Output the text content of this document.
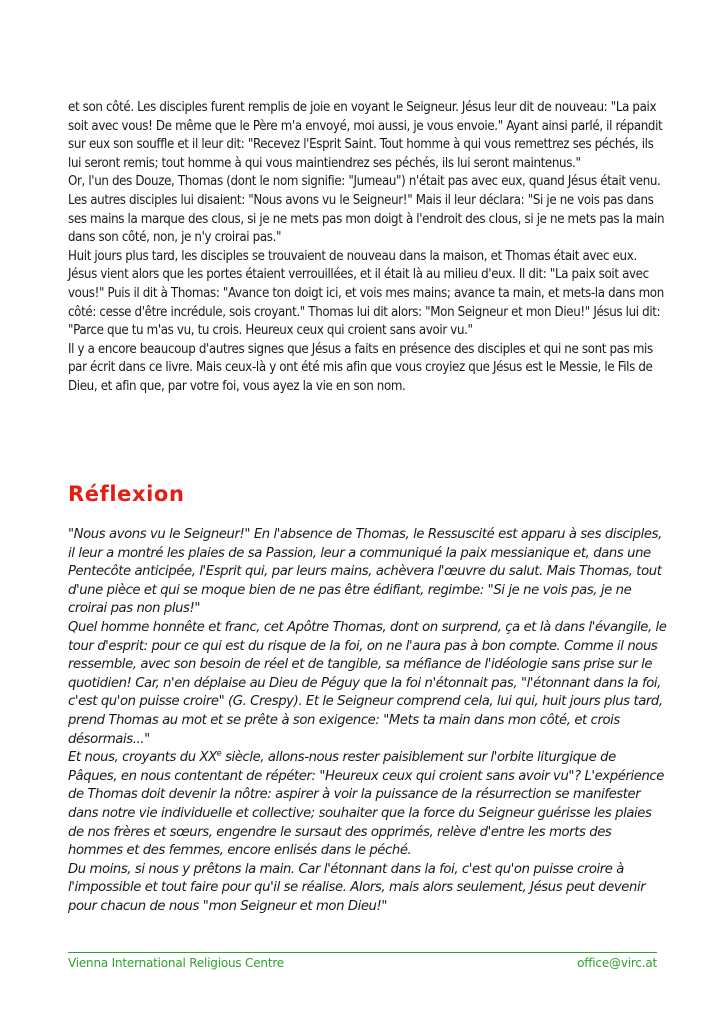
et son côté. Les disciples furent remplis de joie en voyant le Seigneur. Jésus leur dit de nouveau: "La paix soit avec vous! De même que le Père m'a envoyé, moi aussi, je vous envoie." Ayant ainsi parlé, il répandit sur eux son souffle et il leur dit: "Recevez l'Esprit Saint. Tout homme à qui vous remettrez ses péchés, ils lui seront remis; tout homme à qui vous maintiendrez ses péchés, ils lui seront maintenus."

Or, l'un des Douze, Thomas (dont le nom signifie: "Jumeau") n'était pas avec eux, quand Jésus était venu. Les autres disciples lui disaient: "Nous avons vu le Seigneur!" Mais il leur déclara: "Si je ne vois pas dans ses mains la marque des clous, si je ne mets pas mon doigt à l'endroit des clous, si je ne mets pas la main dans son côté, non, je n'y croirai pas."

Huit jours plus tard, les disciples se trouvaient de nouveau dans la maison, et Thomas était avec eux. Jésus vient alors que les portes étaient verrouillées, et il était là au milieu d'eux. Il dit: "La paix soit avec vous!" Puis il dit à Thomas: "Avance ton doigt ici, et vois mes mains; avance ta main, et mets-la dans mon côté: cesse d'être incrédule, sois croyant." Thomas lui dit alors: "Mon Seigneur et mon Dieu!" Jésus lui dit: "Parce que tu m'as vu, tu crois. Heureux ceux qui croient sans avoir vu."

Il y a encore beaucoup d'autres signes que Jésus a faits en présence des disciples et qui ne sont pas mis par écrit dans ce livre. Mais ceux-là y ont été mis afin que vous croyiez que Jésus est le Messie, le Fils de Dieu, et afin que, par votre foi, vous ayez la vie en son nom.

Réflexion

"Nous avons vu le Seigneur!" En l'absence de Thomas, le Ressuscité est apparu à ses disciples, il leur a montré les plaies de sa Passion, leur a communiqué la paix messianique et, dans une Pentecôte anticipée, l'Esprit qui, par leurs mains, achèvera l'œuvre du salut. Mais Thomas, tout d'une pièce et qui se moque bien de ne pas être édifiant, regimbe: "Si je ne vois pas, je ne croirai pas non plus!"

Quel homme honnête et franc, cet Apôtre Thomas, dont on surprend, ça et là dans l'évangile, le tour d'esprit: pour ce qui est du risque de la foi, on ne l'aura pas à bon compte. Comme il nous ressemble, avec son besoin de réel et de tangible, sa méfiance de l'idéologie sans prise sur le quotidien! Car, n'en déplaise au Dieu de Péguy que la foi n'étonnait pas, "l'étonnant dans la foi, c'est qu'on puisse croire" (G. Crespy). Et le Seigneur comprend cela, lui qui, huit jours plus tard, prend Thomas au mot et se prête à son exigence: "Mets ta main dans mon côté, et crois désormais..."

Et nous, croyants du XXe siècle, allons-nous rester paisiblement sur l'orbite liturgique de Pâques, en nous contentant de répéter: "Heureux ceux qui croient sans avoir vu"? L'expérience de Thomas doit devenir la nôtre: aspirer à voir la puissance de la résurrection se manifester dans notre vie individuelle et collective; souhaiter que la force du Seigneur guérisse les plaies de nos frères et sœurs, engendre le sursaut des opprimés, relève d'entre les morts des hommes et des femmes, encore enlisés dans le péché.

Du moins, si nous y prêtons la main. Car l'étonnant dans la foi, c'est qu'on puisse croire à l'impossible et tout faire pour qu'il se réalise. Alors, mais alors seulement, Jésus peut devenir pour chacun de nous "mon Seigneur et mon Dieu!"

Vienna International Religious Centre	office@virc.at
